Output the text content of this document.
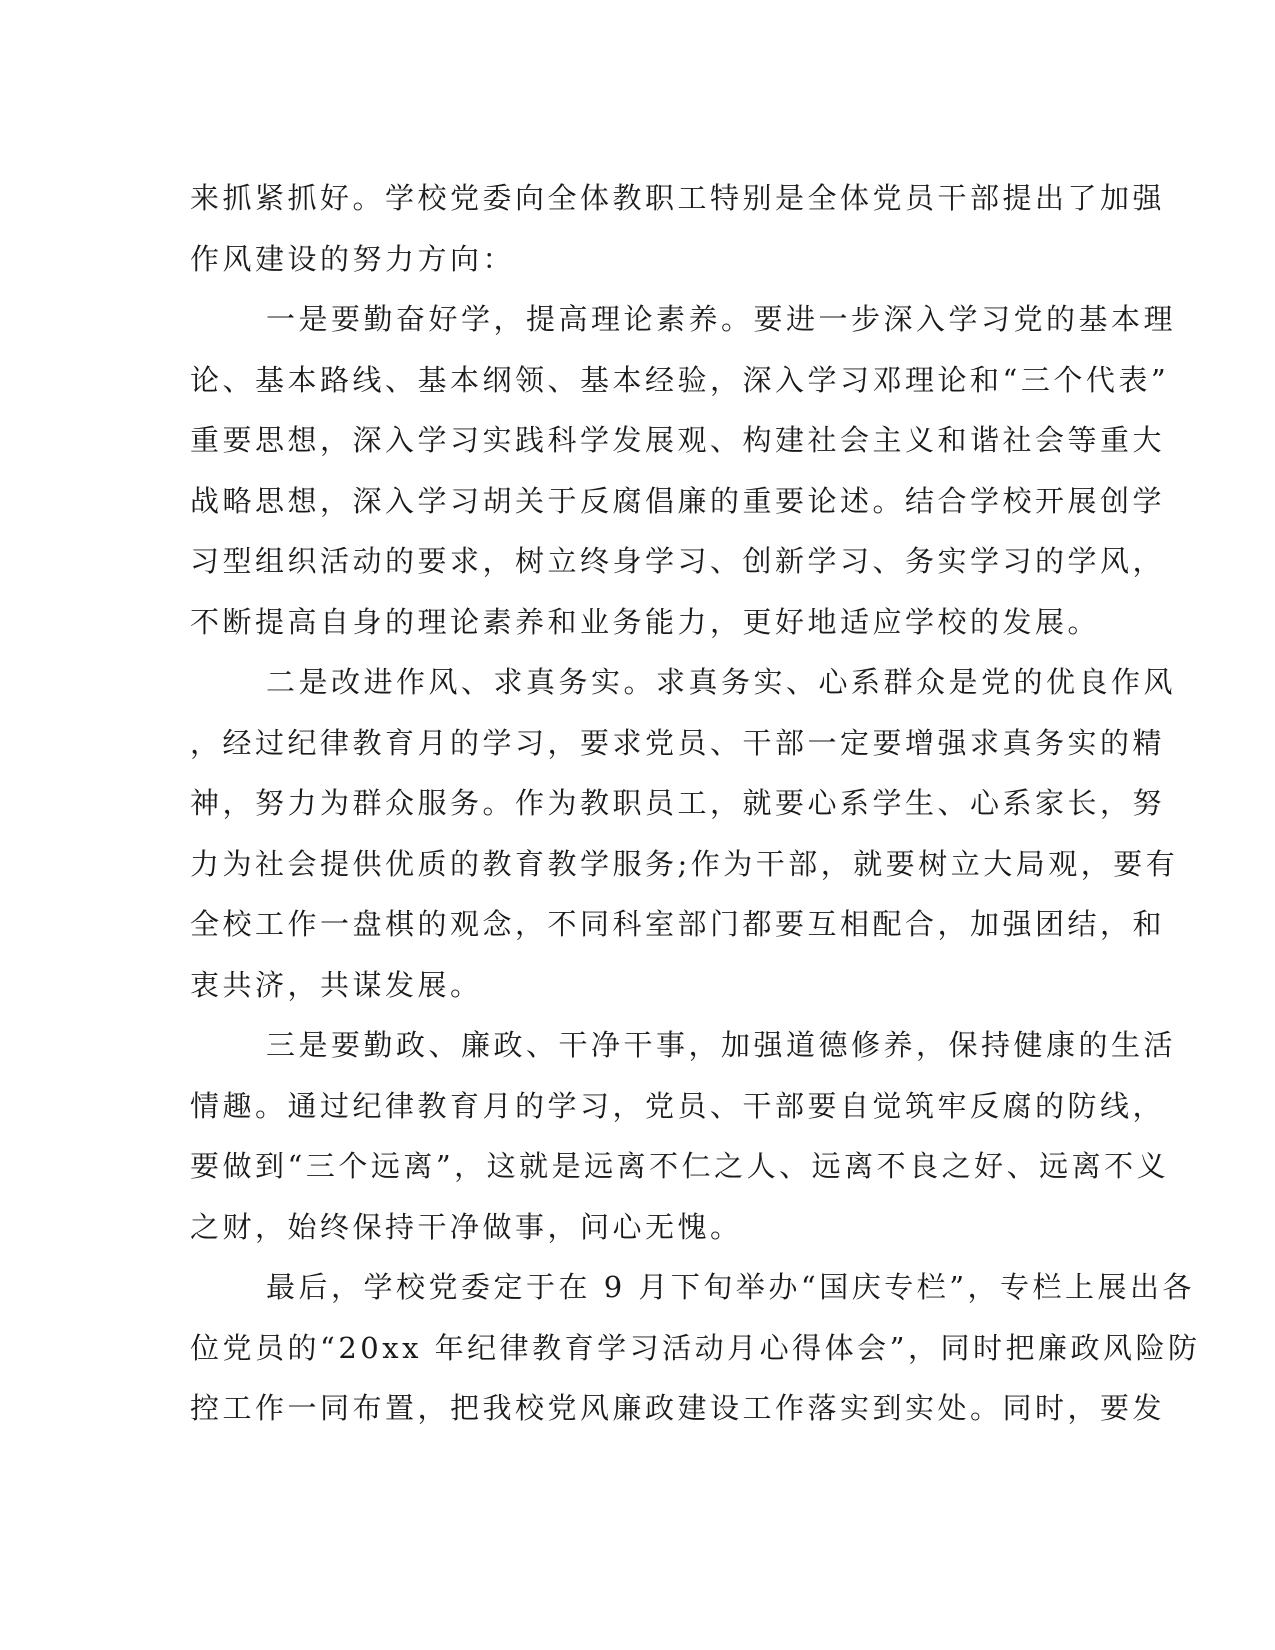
来抓紧抓好。学校党委向全体教职工特别是全体党员干部提出了加强
作风建设的努力方向：
一是要勤奋好学，提高理论素养。要进一步深入学习党的基本理
论、基本路线、基本纲领、基本经验，深入学习邓理论和“三个代表”
重要思想，深入学习实践科学发展观、构建社会主义和谐社会等重大
战略思想，深入学习胡关于反腐倡廉的重要论述。结合学校开展创学
习型组织活动的要求，树立终身学习、创新学习、务实学习的学风，
不断提高自身的理论素养和业务能力，更好地适应学校的发展。
二是改进作风、求真务实。求真务实、心系群众是党的优良作风
，经过纪律教育月的学习，要求党员、干部一定要增强求真务实的精
神，努力为群众服务。作为教职员工，就要心系学生、心系家长，努
力为社会提供优质的教育教学服务;作为干部，就要树立大局观，要有
全校工作一盘棋的观念，不同科室部门都要互相配合，加强团结，和
衷共济，共谋发展。
三是要勤政、廉政、干净干事，加强道德修养，保持健康的生活
情趣。通过纪律教育月的学习，党员、干部要自觉筑牢反腐的防线，
要做到“三个远离”，这就是远离不仁之人、远离不良之好、远离不义
之财，始终保持干净做事，问心无愧。
最后，学校党委定于在 9 月下旬举办“国庆专栏”，专栏上展出各
位党员的“20xx 年纪律教育学习活动月心得体会”，同时把廉政风险防
控工作一同布置，把我校党风廉政建设工作落实到实处。同时，要发
